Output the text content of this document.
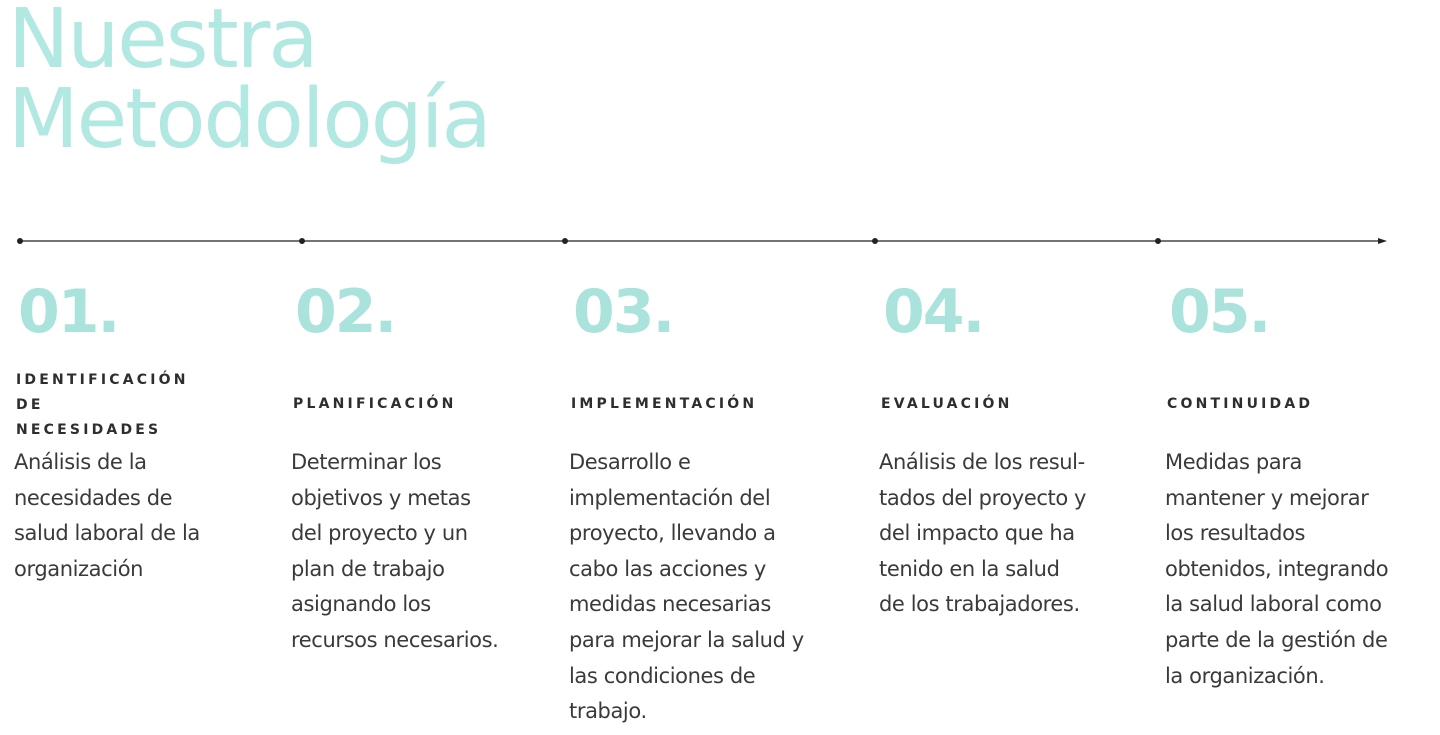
Nuestra
Metodología
01.
IDENTIFICACIÓN
DE NECESIDADES
Análisis de la
necesidades de
salud laboral de la
organización
02.
PLANIFICACIÓN
Determinar los
objetivos y metas
del proyecto y un
plan de trabajo
asignando los
recursos necesarios.
03.
IMPLEMENTACIÓN
Desarrollo e
implementación del
proyecto, llevando a
cabo las acciones y
medidas necesarias
para mejorar la salud y
las condiciones de
trabajo.
04.
EVALUACIÓN
Análisis de los resul-
tados del proyecto y
del impacto que ha
tenido en la salud
de los trabajadores.
05.
CONTINUIDAD
Medidas para
mantener y mejorar
los resultados
obtenidos, integrando
la salud laboral como
parte de la gestión de
la organización.
